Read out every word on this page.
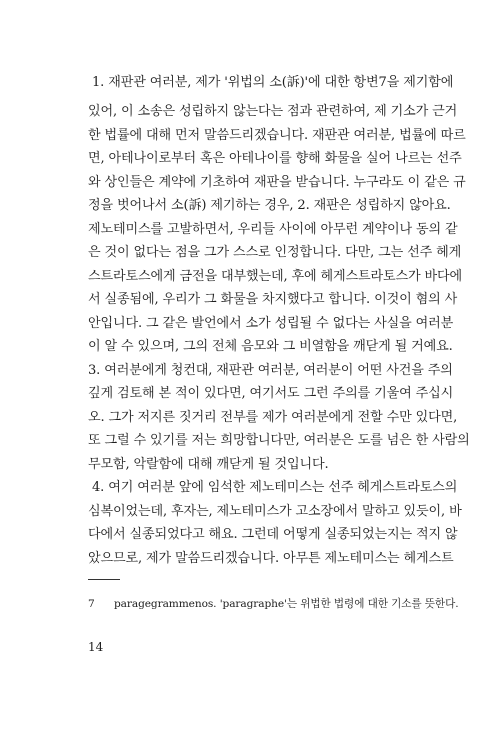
1. 재판관 여러분, 제가 '위법의 소(訴)'에 대한 항변7을 제기함에
있어, 이 소송은 성립하지 않는다는 점과 관련하여, 제 기소가 근거
한 법률에 대해 먼저 말씀드리겠습니다. 재판관 여러분, 법률에 따르
면, 아테나이로부터 혹은 아테나이를 향해 화물을 실어 나르는 선주
와 상인들은 계약에 기초하여 재판을 받습니다. 누구라도 이 같은 규
정을 벗어나서 소(訴) 제기하는 경우, 2. 재판은 성립하지 않아요.
제노테미스를 고발하면서, 우리들 사이에 아무런 계약이나 동의 같
은 것이 없다는 점을 그가 스스로 인정합니다. 다만, 그는 선주 헤게
스트라토스에게 금전을 대부했는데, 후에 헤게스트라토스가 바다에
서 실종됨에, 우리가 그 화물을 차지했다고 합니다. 이것이 혐의 사
안입니다. 그 같은 발언에서 소가 성립될 수 없다는 사실을 여러분
이 알 수 있으며, 그의 전체 음모와 그 비열함을 깨닫게 될 거예요.
3. 여러분에게 청컨대, 재판관 여러분, 여러분이 어떤 사건을 주의
깊게 검토해 본 적이 있다면, 여기서도 그런 주의를 기울여 주십시
오. 그가 저지른 짓거리 전부를 제가 여러분에게 전할 수만 있다면,
또 그럴 수 있기를 저는 희망합니다만, 여러분은 도를 넘은 한 사람의
무모함, 악랄함에 대해 깨닫게 될 것입니다.
4. 여기 여러분 앞에 임석한 제노테미스는 선주 헤게스트라토스의
심복이었는데, 후자는, 제노테미스가 고소장에서 말하고 있듯이, 바
다에서 실종되었다고 해요. 그런데 어떻게 실종되었는지는 적지 않
았으므로, 제가 말씀드리겠습니다. 아무튼 제노테미스는 헤게스트
7 paragegrammenos. 'paragraphe'는 위법한 법령에 대한 기소를 뜻한다.
14
